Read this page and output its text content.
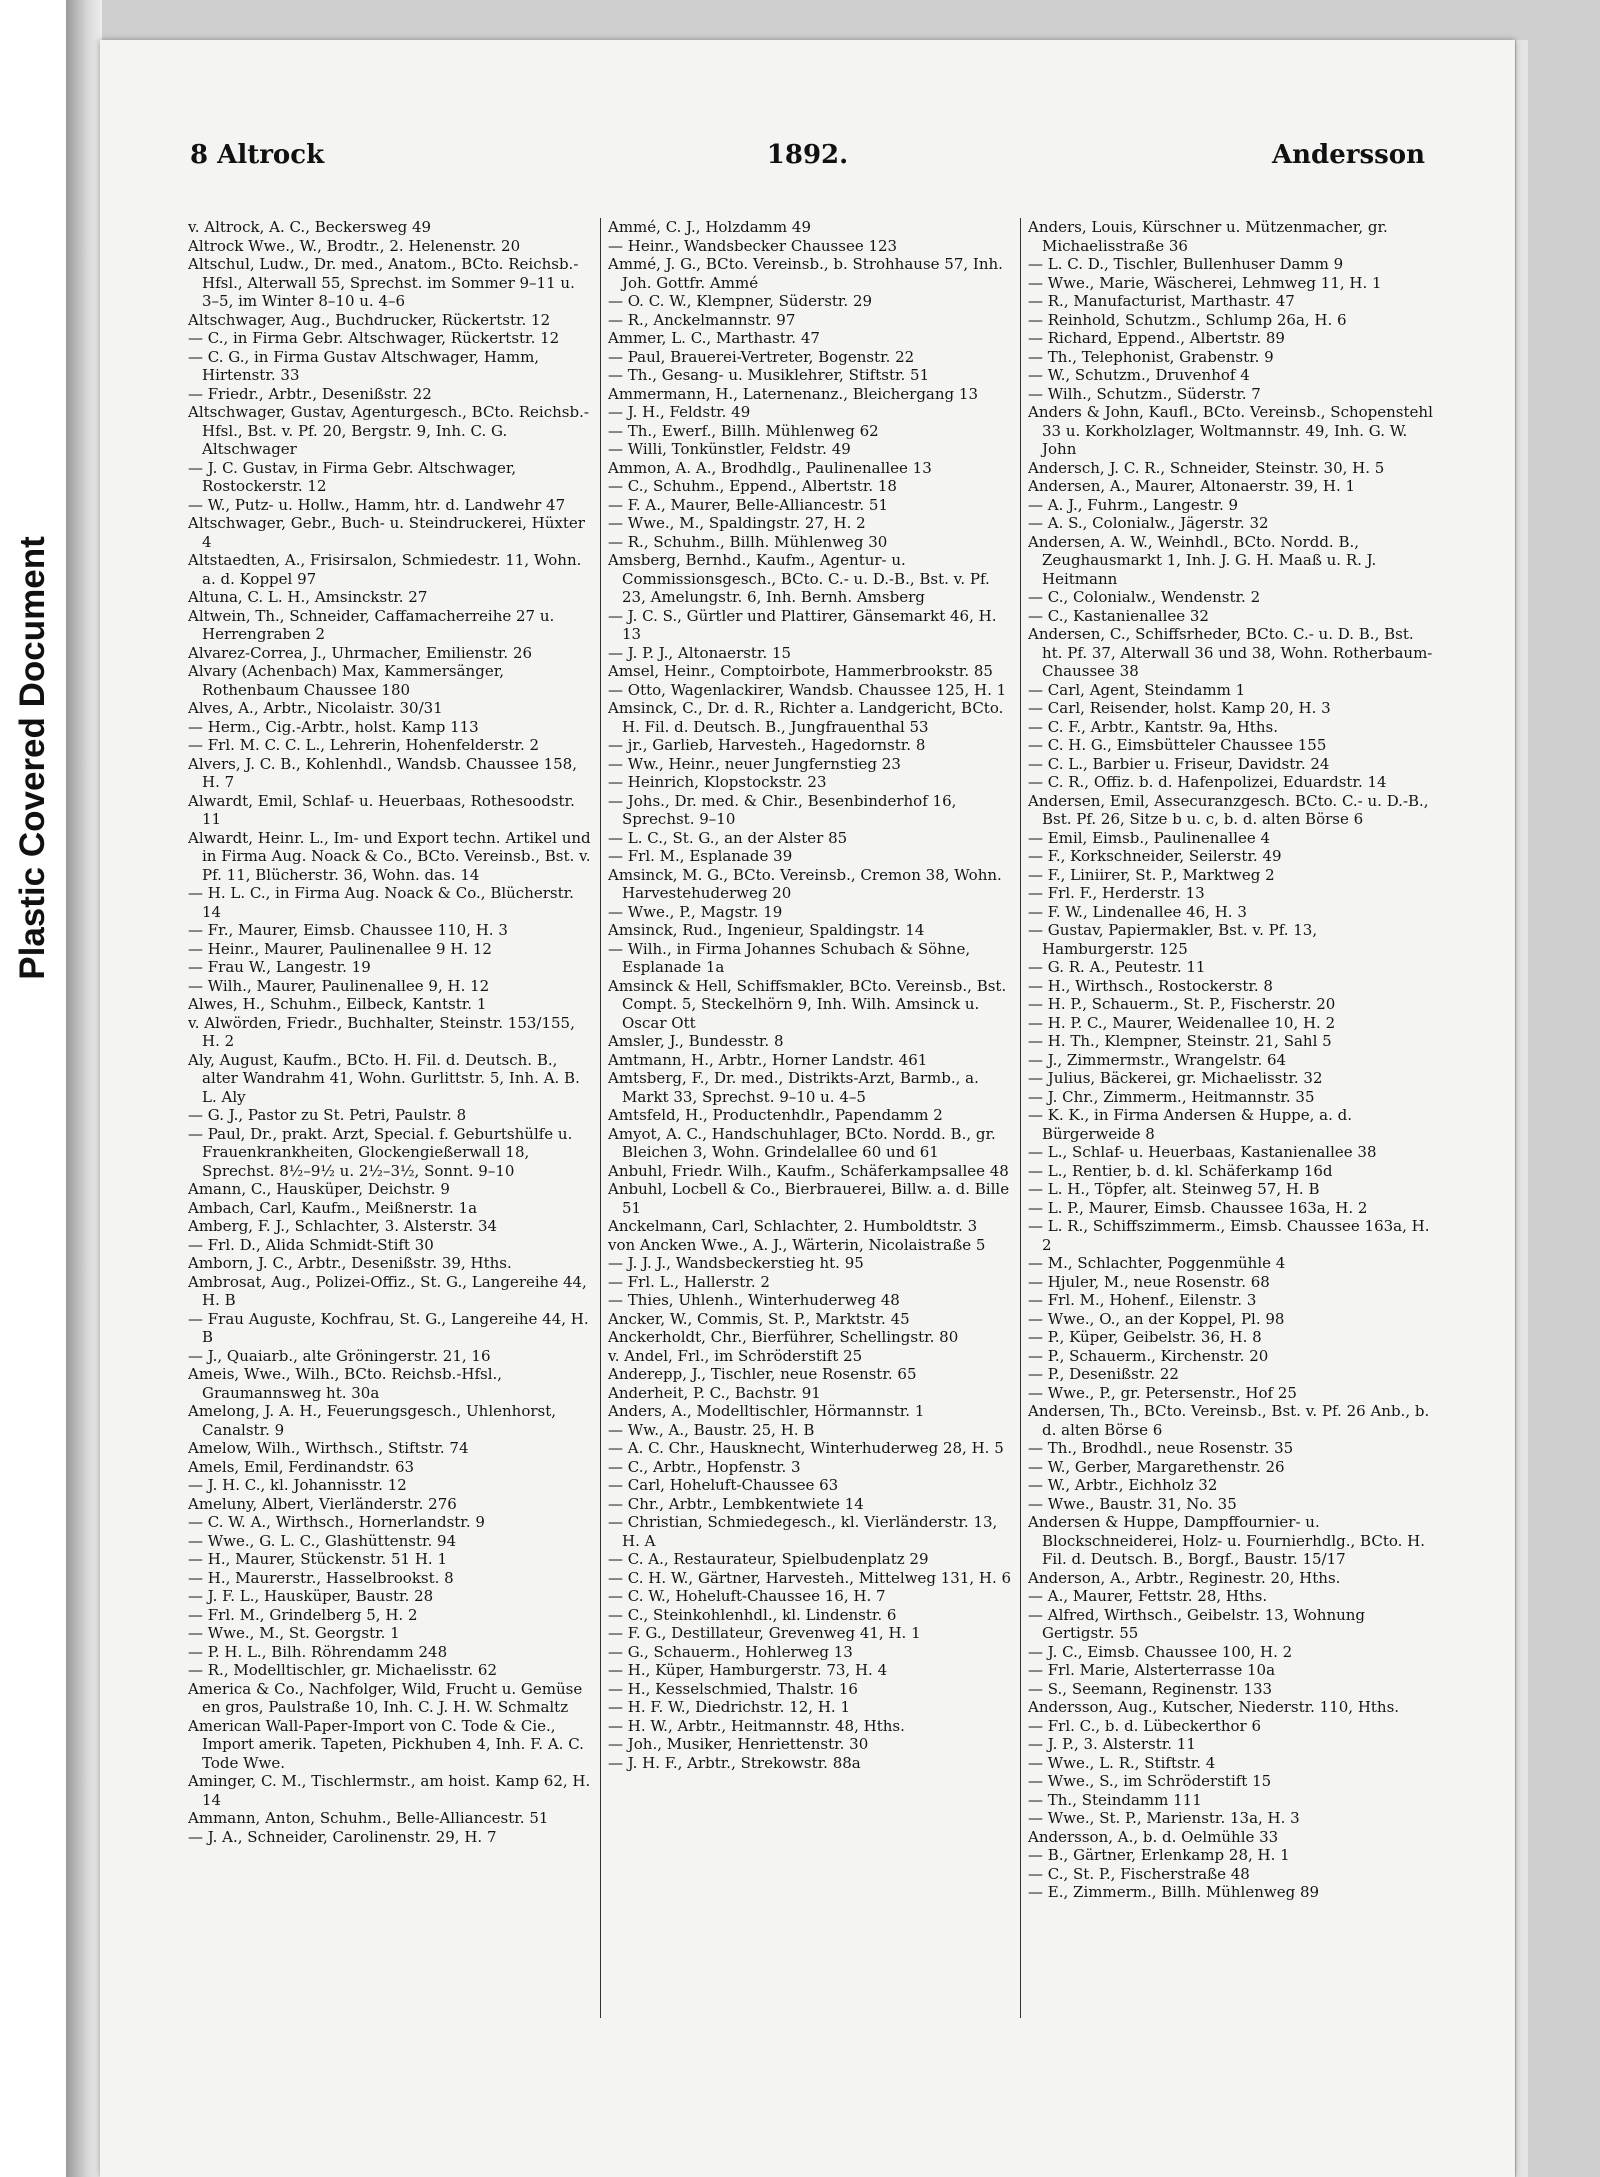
Plastic Covered Document
8 Altrock	1892.	Andersson

v. Altrock, A. C., Beckersweg 49

Altrock Wwe., W., Brodtr., 2. Helenenstr. 20

Altschul, Ludw., Dr. med., Anatom., BCto. Reichsb.-Hfsl., Alterwall 55, Sprechst. im Sommer 9–11 u. 3–5, im Winter 8–10 u. 4–6

Altschwager, Aug., Buchdrucker, Rückertstr. 12

— C., in Firma Gebr. Altschwager, Rückertstr. 12

— C. G., in Firma Gustav Altschwager, Hamm, Hirtenstr. 33

— Friedr., Arbtr., Desenißstr. 22

Altschwager, Gustav, Agenturgesch., BCto. Reichsb.-Hfsl., Bst. v. Pf. 20, Bergstr. 9, Inh. C. G. Altschwager

— J. C. Gustav, in Firma Gebr. Altschwager, Rostockerstr. 12

— W., Putz- u. Hollw., Hamm, htr. d. Landwehr 47

Altschwager, Gebr., Buch- u. Steindruckerei, Hüxter 4

Altstaedten, A., Frisirsalon, Schmiedestr. 11, Wohn. a. d. Koppel 97

Altuna, C. L. H., Amsinckstr. 27

Altwein, Th., Schneider, Caffamacherreihe 27 u. Herrengraben 2

Alvarez-Correa, J., Uhrmacher, Emilienstr. 26

Alvary (Achenbach) Max, Kammersänger, Rothenbaum Chaussee 180

Alves, A., Arbtr., Nicolaistr. 30/31

— Herm., Cig.-Arbtr., holst. Kamp 113

— Frl. M. C. C. L., Lehrerin, Hohenfelderstr. 2

Alvers, J. C. B., Kohlenhdl., Wandsb. Chaussee 158, H. 7

Alwardt, Emil, Schlaf- u. Heuerbaas, Rothesoodstr. 11

Alwardt, Heinr. L., Im- und Export techn. Artikel und in Firma Aug. Noack & Co., BCto. Vereinsb., Bst. v. Pf. 11, Blücherstr. 36, Wohn. das. 14

— H. L. C., in Firma Aug. Noack & Co., Blücherstr. 14

— Fr., Maurer, Eimsb. Chaussee 110, H. 3

— Heinr., Maurer, Paulinenallee 9 H. 12

— Frau W., Langestr. 19

— Wilh., Maurer, Paulinenallee 9, H. 12

Alwes, H., Schuhm., Eilbeck, Kantstr. 1

v. Alwörden, Friedr., Buchhalter, Steinstr. 153/155, H. 2

Aly, August, Kaufm., BCto. H. Fil. d. Deutsch. B., alter Wandrahm 41, Wohn. Gurlittstr. 5, Inh. A. B. L. Aly

— G. J., Pastor zu St. Petri, Paulstr. 8

— Paul, Dr., prakt. Arzt, Special. f. Geburtshülfe u. Frauenkrankheiten, Glockengießerwall 18, Sprechst. 8½–9½ u. 2½–3½, Sonnt. 9–10

Amann, C., Hausküper, Deichstr. 9

Ambach, Carl, Kaufm., Meißnerstr. 1a

Amberg, F. J., Schlachter, 3. Alsterstr. 34

— Frl. D., Alida Schmidt-Stift 30

Amborn, J. C., Arbtr., Desenißstr. 39, Hths.

Ambrosat, Aug., Polizei-Offiz., St. G., Langereihe 44, H. B

— Frau Auguste, Kochfrau, St. G., Langereihe 44, H. B

— J., Quaiarb., alte Gröningerstr. 21, 16

Ameis, Wwe., Wilh., BCto. Reichsb.-Hfsl., Graumannsweg ht. 30a

Amelong, J. A. H., Feuerungsgesch., Uhlenhorst, Canalstr. 9

Amelow, Wilh., Wirthsch., Stiftstr. 74

Amels, Emil, Ferdinandstr. 63

— J. H. C., kl. Johannisstr. 12

Ameluny, Albert, Vierländerstr. 276

— C. W. A., Wirthsch., Hornerlandstr. 9

— Wwe., G. L. C., Glashüttenstr. 94

— H., Maurer, Stückenstr. 51 H. 1

— H., Maurerstr., Hasselbrookst. 8

— J. F. L., Hausküper, Baustr. 28

— Frl. M., Grindelberg 5, H. 2

— Wwe., M., St. Georgstr. 1

— P. H. L., Bilh. Röhrendamm 248

— R., Modelltischler, gr. Michaelisstr. 62

America & Co., Nachfolger, Wild, Frucht u. Gemüse en gros, Paulstraße 10, Inh. C. J. H. W. Schmaltz

American Wall-Paper-Import von C. Tode & Cie., Import amerik. Tapeten, Pickhuben 4, Inh. F. A. C. Tode Wwe.

Aminger, C. M., Tischlermstr., am hoist. Kamp 62, H. 14

Ammann, Anton, Schuhm., Belle-Alliancestr. 51

— J. A., Schneider, Carolinenstr. 29, H. 7

Ammé, C. J., Holzdamm 49

— Heinr., Wandsbecker Chaussee 123

Ammé, J. G., BCto. Vereinsb., b. Strohhause 57, Inh. Joh. Gottfr. Ammé

— O. C. W., Klempner, Süderstr. 29

— R., Anckelmannstr. 97

Ammer, L. C., Marthastr. 47

— Paul, Brauerei-Vertreter, Bogenstr. 22

— Th., Gesang- u. Musiklehrer, Stiftstr. 51

Ammermann, H., Laternenanz., Bleichergang 13

— J. H., Feldstr. 49

— Th., Ewerf., Billh. Mühlenweg 62

— Willi, Tonkünstler, Feldstr. 49

Ammon, A. A., Brodhdlg., Paulinenallee 13

— C., Schuhm., Eppend., Albertstr. 18

— F. A., Maurer, Belle-Alliancestr. 51

— Wwe., M., Spaldingstr. 27, H. 2

— R., Schuhm., Billh. Mühlenweg 30

Amsberg, Bernhd., Kaufm., Agentur- u. Commissionsgesch., BCto. C.- u. D.-B., Bst. v. Pf. 23, Amelungstr. 6, Inh. Bernh. Amsberg

— J. C. S., Gürtler und Plattirer, Gänsemarkt 46, H. 13

— J. P. J., Altonaerstr. 15

Amsel, Heinr., Comptoirbote, Hammerbrookstr. 85

— Otto, Wagenlackirer, Wandsb. Chaussee 125, H. 1

Amsinck, C., Dr. d. R., Richter a. Landgericht, BCto. H. Fil. d. Deutsch. B., Jungfrauenthal 53

— jr., Garlieb, Harvesteh., Hagedornstr. 8

— Ww., Heinr., neuer Jungfernstieg 23

— Heinrich, Klopstockstr. 23

— Johs., Dr. med. & Chir., Besenbinderhof 16, Sprechst. 9–10

— L. C., St. G., an der Alster 85

— Frl. M., Esplanade 39

Amsinck, M. G., BCto. Vereinsb., Cremon 38, Wohn. Harvestehuderweg 20

— Wwe., P., Magstr. 19

Amsinck, Rud., Ingenieur, Spaldingstr. 14

— Wilh., in Firma Johannes Schubach & Söhne, Esplanade 1a

Amsinck & Hell, Schiffsmakler, BCto. Vereinsb., Bst. Compt. 5, Steckelhörn 9, Inh. Wilh. Amsinck u. Oscar Ott

Amsler, J., Bundesstr. 8

Amtmann, H., Arbtr., Horner Landstr. 461

Amtsberg, F., Dr. med., Distrikts-Arzt, Barmb., a. Markt 33, Sprechst. 9–10 u. 4–5

Amtsfeld, H., Productenhdlr., Papendamm 2

Amyot, A. C., Handschuhlager, BCto. Nordd. B., gr. Bleichen 3, Wohn. Grindelallee 60 und 61

Anbuhl, Friedr. Wilh., Kaufm., Schäferkampsallee 48

Anbuhl, Locbell & Co., Bierbrauerei, Billw. a. d. Bille 51

Anckelmann, Carl, Schlachter, 2. Humboldtstr. 3

von Ancken Wwe., A. J., Wärterin, Nicolaistraße 5

— J. J. J., Wandsbeckerstieg ht. 95

— Frl. L., Hallerstr. 2

— Thies, Uhlenh., Winterhuderweg 48

Ancker, W., Commis, St. P., Marktstr. 45

Anckerholdt, Chr., Bierführer, Schellingstr. 80

v. Andel, Frl., im Schröderstift 25

Anderepp, J., Tischler, neue Rosenstr. 65

Anderheit, P. C., Bachstr. 91

Anders, A., Modelltischler, Hörmannstr. 1

— Ww., A., Baustr. 25, H. B

— A. C. Chr., Hausknecht, Winterhuderweg 28, H. 5

— C., Arbtr., Hopfenstr. 3

— Carl, Hoheluft-Chaussee 63

— Chr., Arbtr., Lembkentwiete 14

— Christian, Schmiedegesch., kl. Vierländerstr. 13, H. A

— C. A., Restaurateur, Spielbudenplatz 29

— C. H. W., Gärtner, Harvesteh., Mittelweg 131, H. 6

— C. W., Hoheluft-Chaussee 16, H. 7

— C., Steinkohlenhdl., kl. Lindenstr. 6

— F. G., Destillateur, Grevenweg 41, H. 1

— G., Schauerm., Hohlerweg 13

— H., Küper, Hamburgerstr. 73, H. 4

— H., Kesselschmied, Thalstr. 16

— H. F. W., Diedrichstr. 12, H. 1

— H. W., Arbtr., Heitmannstr. 48, Hths.

— Joh., Musiker, Henriettenstr. 30

— J. H. F., Arbtr., Strekowstr. 88a

Anders, Louis, Kürschner u. Mützenmacher, gr. Michaelisstraße 36

— L. C. D., Tischler, Bullenhuser Damm 9

— Wwe., Marie, Wäscherei, Lehmweg 11, H. 1

— R., Manufacturist, Marthastr. 47

— Reinhold, Schutzm., Schlump 26a, H. 6

— Richard, Eppend., Albertstr. 89

— Th., Telephonist, Grabenstr. 9

— W., Schutzm., Druvenhof 4

— Wilh., Schutzm., Süderstr. 7

Anders & John, Kaufl., BCto. Vereinsb., Schopenstehl 33 u. Korkholzlager, Woltmannstr. 49, Inh. G. W. John

Andersch, J. C. R., Schneider, Steinstr. 30, H. 5

Andersen, A., Maurer, Altonaerstr. 39, H. 1

— A. J., Fuhrm., Langestr. 9

— A. S., Colonialw., Jägerstr. 32

Andersen, A. W., Weinhdl., BCto. Nordd. B., Zeughausmarkt 1, Inh. J. G. H. Maaß u. R. J. Heitmann

— C., Colonialw., Wendenstr. 2

— C., Kastanienallee 32

Andersen, C., Schiffsrheder, BCto. C.- u. D. B., Bst. ht. Pf. 37, Alterwall 36 und 38, Wohn. Rotherbaum-Chaussee 38

— Carl, Agent, Steindamm 1

— Carl, Reisender, holst. Kamp 20, H. 3

— C. F., Arbtr., Kantstr. 9a, Hths.

— C. H. G., Eimsbütteler Chaussee 155

— C. L., Barbier u. Friseur, Davidstr. 24

— C. R., Offiz. b. d. Hafenpolizei, Eduardstr. 14

Andersen, Emil, Assecuranzgesch. BCto. C.- u. D.-B., Bst. Pf. 26, Sitze b u. c, b. d. alten Börse 6

— Emil, Eimsb., Paulinenallee 4

— F., Korkschneider, Seilerstr. 49

— F., Liniirer, St. P., Marktweg 2

— Frl. F., Herderstr. 13

— F. W., Lindenallee 46, H. 3

— Gustav, Papiermakler, Bst. v. Pf. 13, Hamburgerstr. 125

— G. R. A., Peutestr. 11

— H., Wirthsch., Rostockerstr. 8

— H. P., Schauerm., St. P., Fischerstr. 20

— H. P. C., Maurer, Weidenallee 10, H. 2

— H. Th., Klempner, Steinstr. 21, Sahl 5

— J., Zimmermstr., Wrangelstr. 64

— Julius, Bäckerei, gr. Michaelisstr. 32

— J. Chr., Zimmerm., Heitmannstr. 35

— K. K., in Firma Andersen & Huppe, a. d. Bürgerweide 8

— L., Schlaf- u. Heuerbaas, Kastanienallee 38

— L., Rentier, b. d. kl. Schäferkamp 16d

— L. H., Töpfer, alt. Steinweg 57, H. B

— L. P., Maurer, Eimsb. Chaussee 163a, H. 2

— L. R., Schiffszimmerm., Eimsb. Chaussee 163a, H. 2

— M., Schlachter, Poggenmühle 4

— Hjuler, M., neue Rosenstr. 68

— Frl. M., Hohenf., Eilenstr. 3

— Wwe., O., an der Koppel, Pl. 98

— P., Küper, Geibelstr. 36, H. 8

— P., Schauerm., Kirchenstr. 20

— P., Desenißstr. 22

— Wwe., P., gr. Petersenstr., Hof 25

Andersen, Th., BCto. Vereinsb., Bst. v. Pf. 26 Anb., b. d. alten Börse 6

— Th., Brodhdl., neue Rosenstr. 35

— W., Gerber, Margarethenstr. 26

— W., Arbtr., Eichholz 32

— Wwe., Baustr. 31, No. 35

Andersen & Huppe, Dampffournier- u. Blockschneiderei, Holz- u. Fournierhdlg., BCto. H. Fil. d. Deutsch. B., Borgf., Baustr. 15/17

Anderson, A., Arbtr., Reginestr. 20, Hths.

— A., Maurer, Fettstr. 28, Hths.

— Alfred, Wirthsch., Geibelstr. 13, Wohnung Gertigstr. 55

— J. C., Eimsb. Chaussee 100, H. 2

— Frl. Marie, Alsterterrasse 10a

— S., Seemann, Reginenstr. 133

Andersson, Aug., Kutscher, Niederstr. 110, Hths.

— Frl. C., b. d. Lübeckerthor 6

— J. P., 3. Alsterstr. 11

— Wwe., L. R., Stiftstr. 4

— Wwe., S., im Schröderstift 15

— Th., Steindamm 111

— Wwe., St. P., Marienstr. 13a, H. 3

Andersson, A., b. d. Oelmühle 33

— B., Gärtner, Erlenkamp 28, H. 1

— C., St. P., Fischerstraße 48

— E., Zimmerm., Billh. Mühlenweg 89
